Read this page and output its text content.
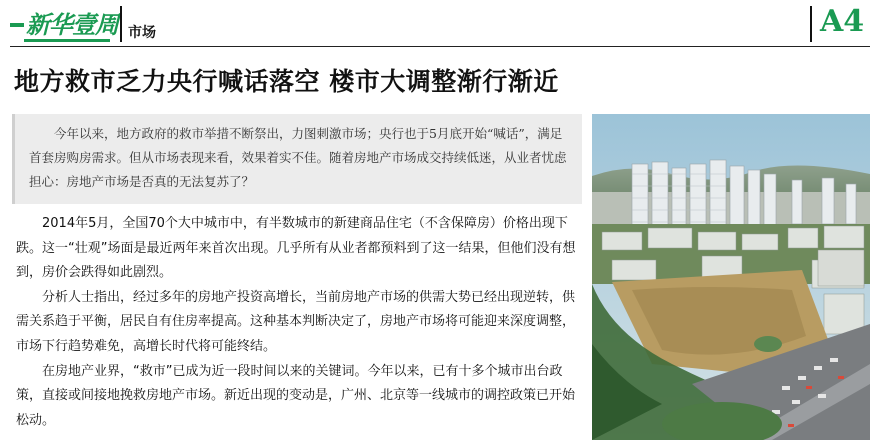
新华壹周 市场	A4
地方救市乏力央行喊话落空 楼市大调整渐行渐近
今年以来，地方政府的救市举措不断祭出，力图刺激市场；央行也于5月底开始“喊话”，满足首套房购房需求。但从市场表现来看，效果着实不佳。随着房地产市场成交持续低迷，从业者忧虑担心：房地产市场是否真的无法复苏了？

2014年5月，全国70个大中城市中，有半数城市的新建商品住宅（不含保障房）价格出现下跌。这一“壮观”场面是最近两年来首次出现。几乎所有从业者都预料到了这一结果，但他们没有想到，房价会跌得如此剧烈。

分析人士指出，经过多年的房地产投资高增长，当前房地产市场的供需大势已经出现逆转，供需关系趋于平衡，居民自有住房率提高。这种基本判断决定了，房地产市场将可能迎来深度调整，市场下行趋势难免，高增长时代将可能终结。

在房地产业界，“救市”已成为近一段时间以来的关键词。今年以来，已有十多个城市出台政策，直接或间接地挽救房地产市场。新近出现的变动是，广州、北京等一线城市的调控政策已开始松动。
